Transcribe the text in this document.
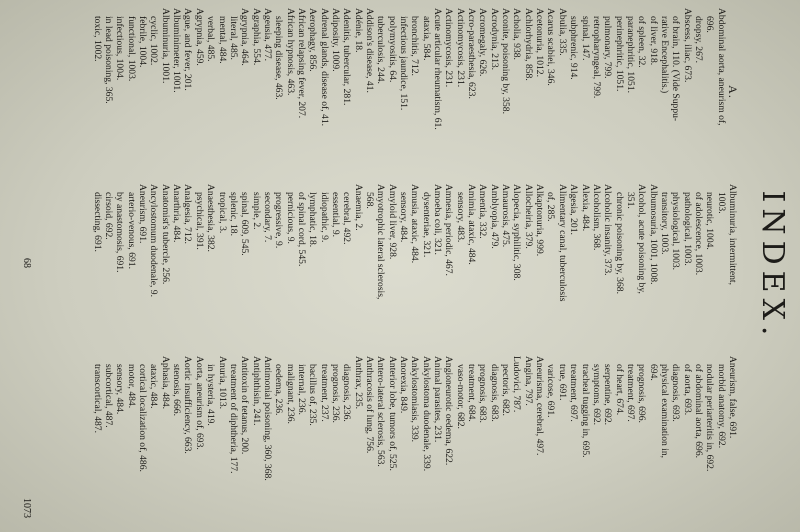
INDEX.
A.
Abdominal aorta, aneurism of,
696.
dropsy, 267.
Abscess, iliac, 673.
of brain, 110. (Vide Suppu-
rative Encephalitis.)
of liver, 918.
of spleen, 32.
paranephritic, 1051.
perinephritic, 1051.
pulmonary, 799.
retropharyngeal, 799.
spinal, 147.
subphrenic, 914.
Abulia, 335.
Acarus scabiei, 346.
Acetonuria, 1012.
Achlorhydria, 858.
Acholia, 938.
Aconite, poisoning by, 358.
Acrodynia, 213.
Acromegaly, 626.
Acro-paraesthesia, 623.
Actinomycosis, 231.
Actinomycosis, 231.
Acute articular rheumatism, 61.
ataxia, 584.
bronchitis, 712.
infectious jaundice, 151.
polymyositis, 64.
tuberculosis, 244.
Addison's disease, 41.
Adénie, 18.
Adenitis, tubercular, 281.
Adiposity, 1009.
Adrenal glands, disease of, 41.
Aerophagy, 856.
African relapsing fever, 207.
African hypnosis, 463.
sleeping disease, 463.
Ageusia, 477.
Agraphia, 554.
Agrypnia, 464.
literal, 485.
mental, 484.
verbal, 485.
Agrypnia, 459.
Ague, and fever, 201.
Albuminimeter, 1001.
Albuminuria, 1001.
cyclic, 1002.
febrile, 1004.
functional, 1003.
infectious, 1004.
in lead poisoning, 365.
toxic, 1002.
Albuminuria, intermittent,
1003.
neurotic, 1004.
of adolescence, 1003.
pathological, 1003.
physiological, 1003.
transitory, 1003.
Albumosuria, 1001, 1008.
Alcohol, acute poisoning by,
351.
chronic poisoning by, 368.
Alcoholic insanity, 373.
Alcoholism, 368.
Alexia, 484.
Algesia, 201.
Alimentary canal, tuberculosis
of, 285.
Alkaptonuria, 999.
Allocheiria, 379.
Alopecia, syphilitic, 308.
Amaurosis, 475.
Amblyopia, 479.
Amentia, 332.
Amimia, ataxic, 484.
sensory, 483.
Amnesia, periodic, 467.
Amoeba coli, 321.
dysenteriae, 321.
Amusia, ataxic, 484.
sensory, 484.
Amyloid liver, 928.
Amyotrophic lateral sclerosis,
568.
Anaemia, 2.
cerebral, 492.
essential, 9.
idiopathic, 9.
lymphatic, 18.
of spinal cord, 545.
pernicious, 9.
progressive, 9.
secondary, 7.
simple, 2.
spinal, 609, 545.
splenic, 18.
tropical, 3.
Anaesthesia, 382.
psychical, 391.
Analgesia, 712.
Anarthria, 484.
Anatomist's tubercle, 256.
Ancylostomum duodenale, 9.
Aneurism, 691.
arterio-venous, 691.
by anastomosis, 691.
cirsoid, 692.
dissecting, 691.
Aneurism, false, 691.
morbid anatomy, 692.
nodular periarteritis in, 692.
of abdominal aorta, 696.
of aorta, 693.
diagnosis, 693.
physical examination in,
694.
prognosis, 696.
treatment, 697.
of heart, 674.
serpentine, 692.
symptoms, 692.
tracheal tugging in, 695.
treatment, 697.
true, 691.
varicose, 691.
Aneurisma, cerebral, 497.
Angina, 797.
Ludovici, 787.
pectoris, 682.
diagnosis, 683.
prognosis, 683.
treatment, 684.
vaso-motor, 682.
Angioneurotic oedema, 622.
Animal parasites, 231.
Ankylostoma duodenale, 339.
Ankylostomiasis, 339.
Anorexia, 849.
Anterior lobe, tumors of, 525.
Antero-lateral sclerosis, 563.
Anthracosis of lung, 756.
Anthrax, 235.
diagnosis, 236.
prognosis, 236.
treatment, 237.
bacillus of, 235.
internal, 236.
malignant, 236.
oedema, 236.
Antimonial poisoning, 360, 368.
Antiphthisin, 241.
Antitoxin of tetanus, 200.
treatment of diphtheria, 177.
Anuria, 1013.
in hysteria, 419.
Aorta, aneurism of, 693.
Aortic insufficiency, 663.
stenosis, 666.
Aphasia, 484.
ataxic, 484.
cortical localization of, 486.
motor, 484.
sensory, 484.
subcortical, 487.
transcortical, 487.
68
1073
